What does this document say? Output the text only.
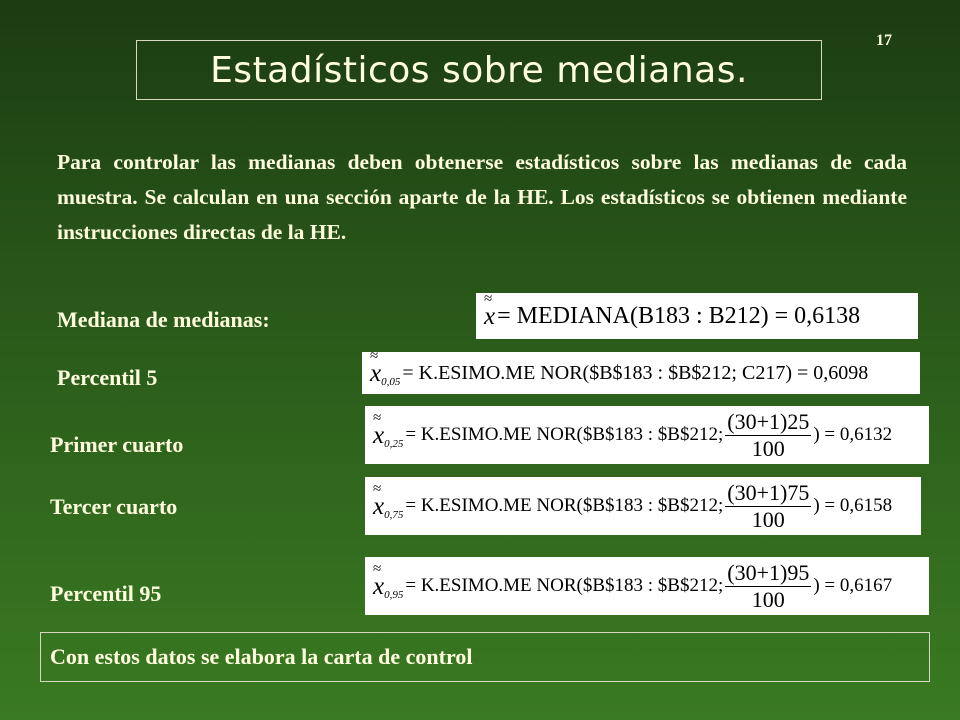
17
Estadísticos sobre medianas.
Para controlar las medianas deben obtenerse estadísticos sobre las medianas de cada muestra. Se calculan en una sección aparte de la HE. Los estadísticos se obtienen mediante instrucciones directas de la HE.
Mediana de medianas:
≈
x = MEDIANA(B183 : B212) = 0,6138
Percentil 5
≈
$x_{0,05}$ = K.ESIMO.ME NOR($B$183 : $B$212; C217) = 0,6098
Primer cuarto
≈
$x_{0,25}$ = K.ESIMO.ME NOR($B$183 : $B$212; $\frac{(30+1)25}{100}$ ) = 0,6132
Tercer cuarto
≈
$x_{0,75}$ = K.ESIMO.ME NOR($B$183 : $B$212; $\frac{(30+1)75}{100}$ ) = 0,6158
Percentil 95
≈
$x_{0,95}$ = K.ESIMO.ME NOR($B$183 : $B$212; $\frac{(30+1)95}{100}$ ) = 0,6167
Con estos datos se elabora la carta de control
